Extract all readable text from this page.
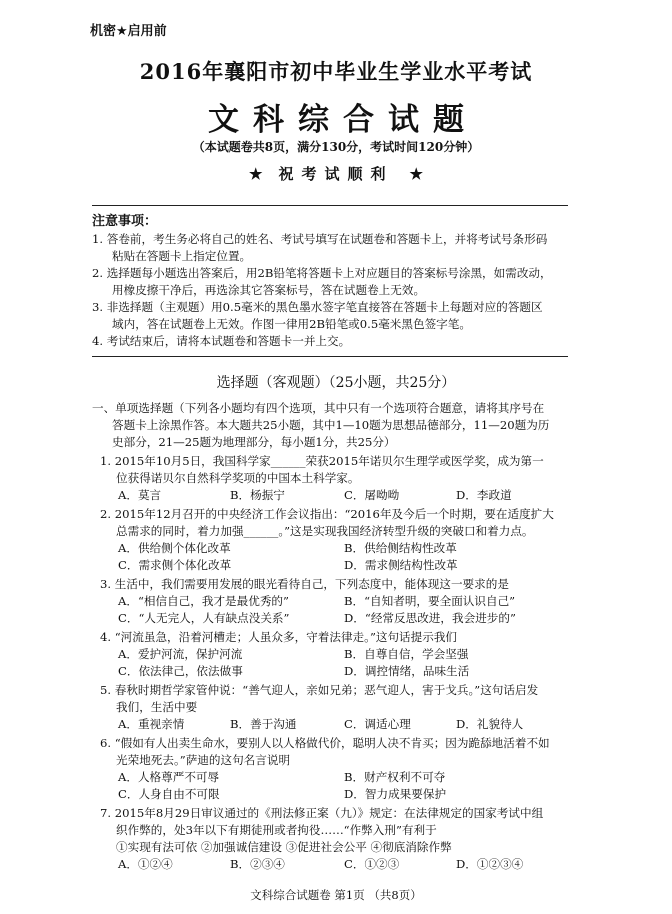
机密★启用前
2016年襄阳市初中毕业生学业水平考试
文科综合试题
（本试题卷共8页，满分130分，考试时间120分钟）
★ 祝考试顺利 ★
注意事项：
1. 答卷前，考生务必将自己的姓名、考试号填写在试题卷和答题卡上，并将考试号条形码
粘贴在答题卡上指定位置。
2. 选择题每小题选出答案后，用2B铅笔将答题卡上对应题目的答案标号涂黑，如需改动，
用橡皮擦干净后，再选涂其它答案标号，答在试题卷上无效。
3. 非选择题（主观题）用0.5毫米的黑色墨水签字笔直接答在答题卡上每题对应的答题区
域内，答在试题卷上无效。作图一律用2B铅笔或0.5毫米黑色签字笔。
4. 考试结束后，请将本试题卷和答题卡一并上交。
选择题（客观题）（25小题，共25分）
一、单项选择题（下列各小题均有四个选项，其中只有一个选项符合题意，请将其序号在
答题卡上涂黑作答。本大题共25小题，其中1—10题为思想品德部分，11—20题为历
史部分，21—25题为地理部分，每小题1分，共25分）
1. 2015年10月5日，我国科学家______荣获2015年诺贝尔生理学或医学奖，成为第一
位获得诺贝尔自然科学奖项的中国本土科学家。
A．莫言	B．杨振宁	C．屠呦呦	D．李政道
2. 2015年12月召开的中央经济工作会议指出：“2016年及今后一个时期，要在适度扩大
总需求的同时，着力加强______。”这是实现我国经济转型升级的突破口和着力点。
A．供给侧个体化改革	B．供给侧结构性改革
C．需求侧个体化改革	D．需求侧结构性改革
3. 生活中，我们需要用发展的眼光看待自己，下列态度中，能体现这一要求的是
A．“相信自己，我才是最优秀的”	B．“自知者明，要全面认识自己”
C．“人无完人，人有缺点没关系”	D．“经常反思改进，我会进步的”
4. “河流虽急，沿着河槽走；人虽众多，守着法律走。”这句话提示我们
A．爱护河流，保护河流	B．自尊自信，学会坚强
C．依法律己，依法做事	D．调控情绪，品味生活
5. 春秋时期哲学家管仲说：“善气迎人，亲如兄弟；恶气迎人，害于戈兵。”这句话启发
我们，生活中要
A．重视亲情	B．善于沟通	C．调适心理	D．礼貌待人
6. “假如有人出卖生命水，要别人以人格做代价，聪明人决不肯买；因为跪舔地活着不如
光荣地死去。”萨迪的这句名言说明
A．人格尊严不可辱	B．财产权利不可夺
C．人身自由不可限	D．智力成果要保护
7. 2015年8月29日审议通过的《刑法修正案（九）》规定：在法律规定的国家考试中组
织作弊的，处3年以下有期徒刑或者拘役……“作弊入刑”有利于
①实现有法可依 ②加强诚信建设 ③促进社会公平 ④彻底消除作弊
A．①②④	B．②③④	C．①②③	D．①②③④
文科综合试题卷 第1页 （共8页）
